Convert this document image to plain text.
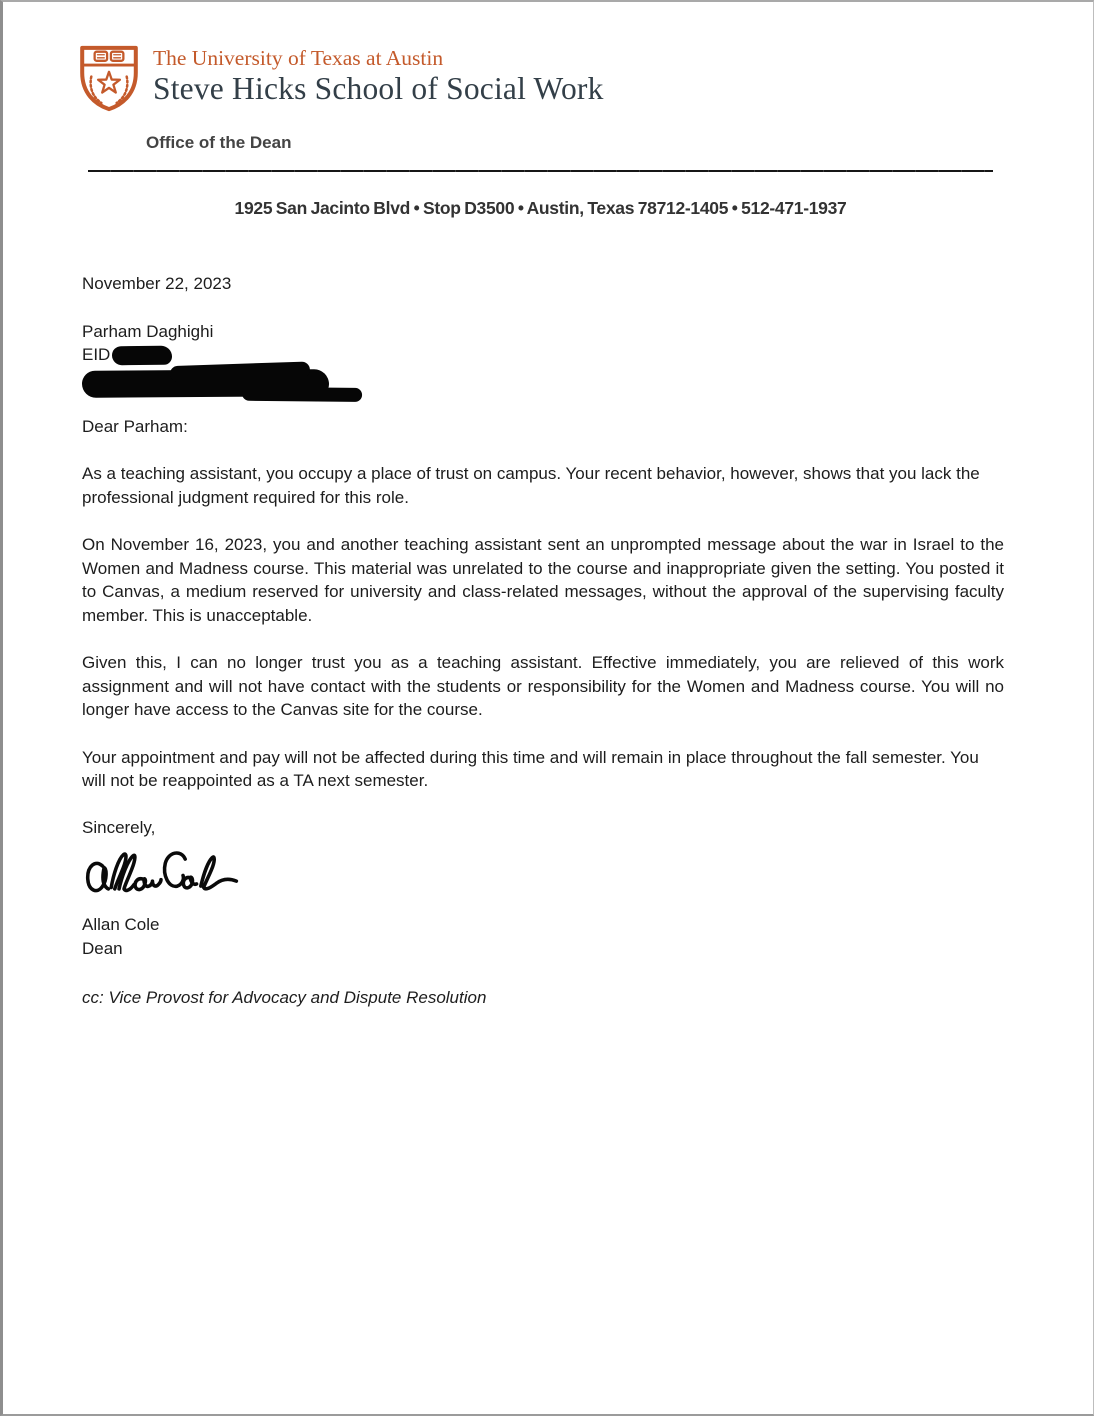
The University of Texas at Austin
Steve Hicks School of Social Work
Office of the Dean
1925 San Jacinto Blvd • Stop D3500 • Austin, Texas 78712-1405 • 512-471-1937

November 22, 2023

Parham Daghighi

EID

Dear Parham:

As a teaching assistant, you occupy a place of trust on campus. Your recent behavior, however, shows that you lack the professional judgment required for this role.

On November 16, 2023, you and another teaching assistant sent an unprompted message about the war in Israel to the Women and Madness course. This material was unrelated to the course and inappropriate given the setting. You posted it to Canvas, a medium reserved for university and class-related messages, without the approval of the supervising faculty member. This is unacceptable.

Given this, I can no longer trust you as a teaching assistant. Effective immediately, you are relieved of this work assignment and will not have contact with the students or responsibility for the Women and Madness course. You will no longer have access to the Canvas site for the course.

Your appointment and pay will not be affected during this time and will remain in place throughout the fall semester. You will not be reappointed as a TA next semester.

Sincerely,

Allan Cole

Dean

cc: Vice Provost for Advocacy and Dispute Resolution
